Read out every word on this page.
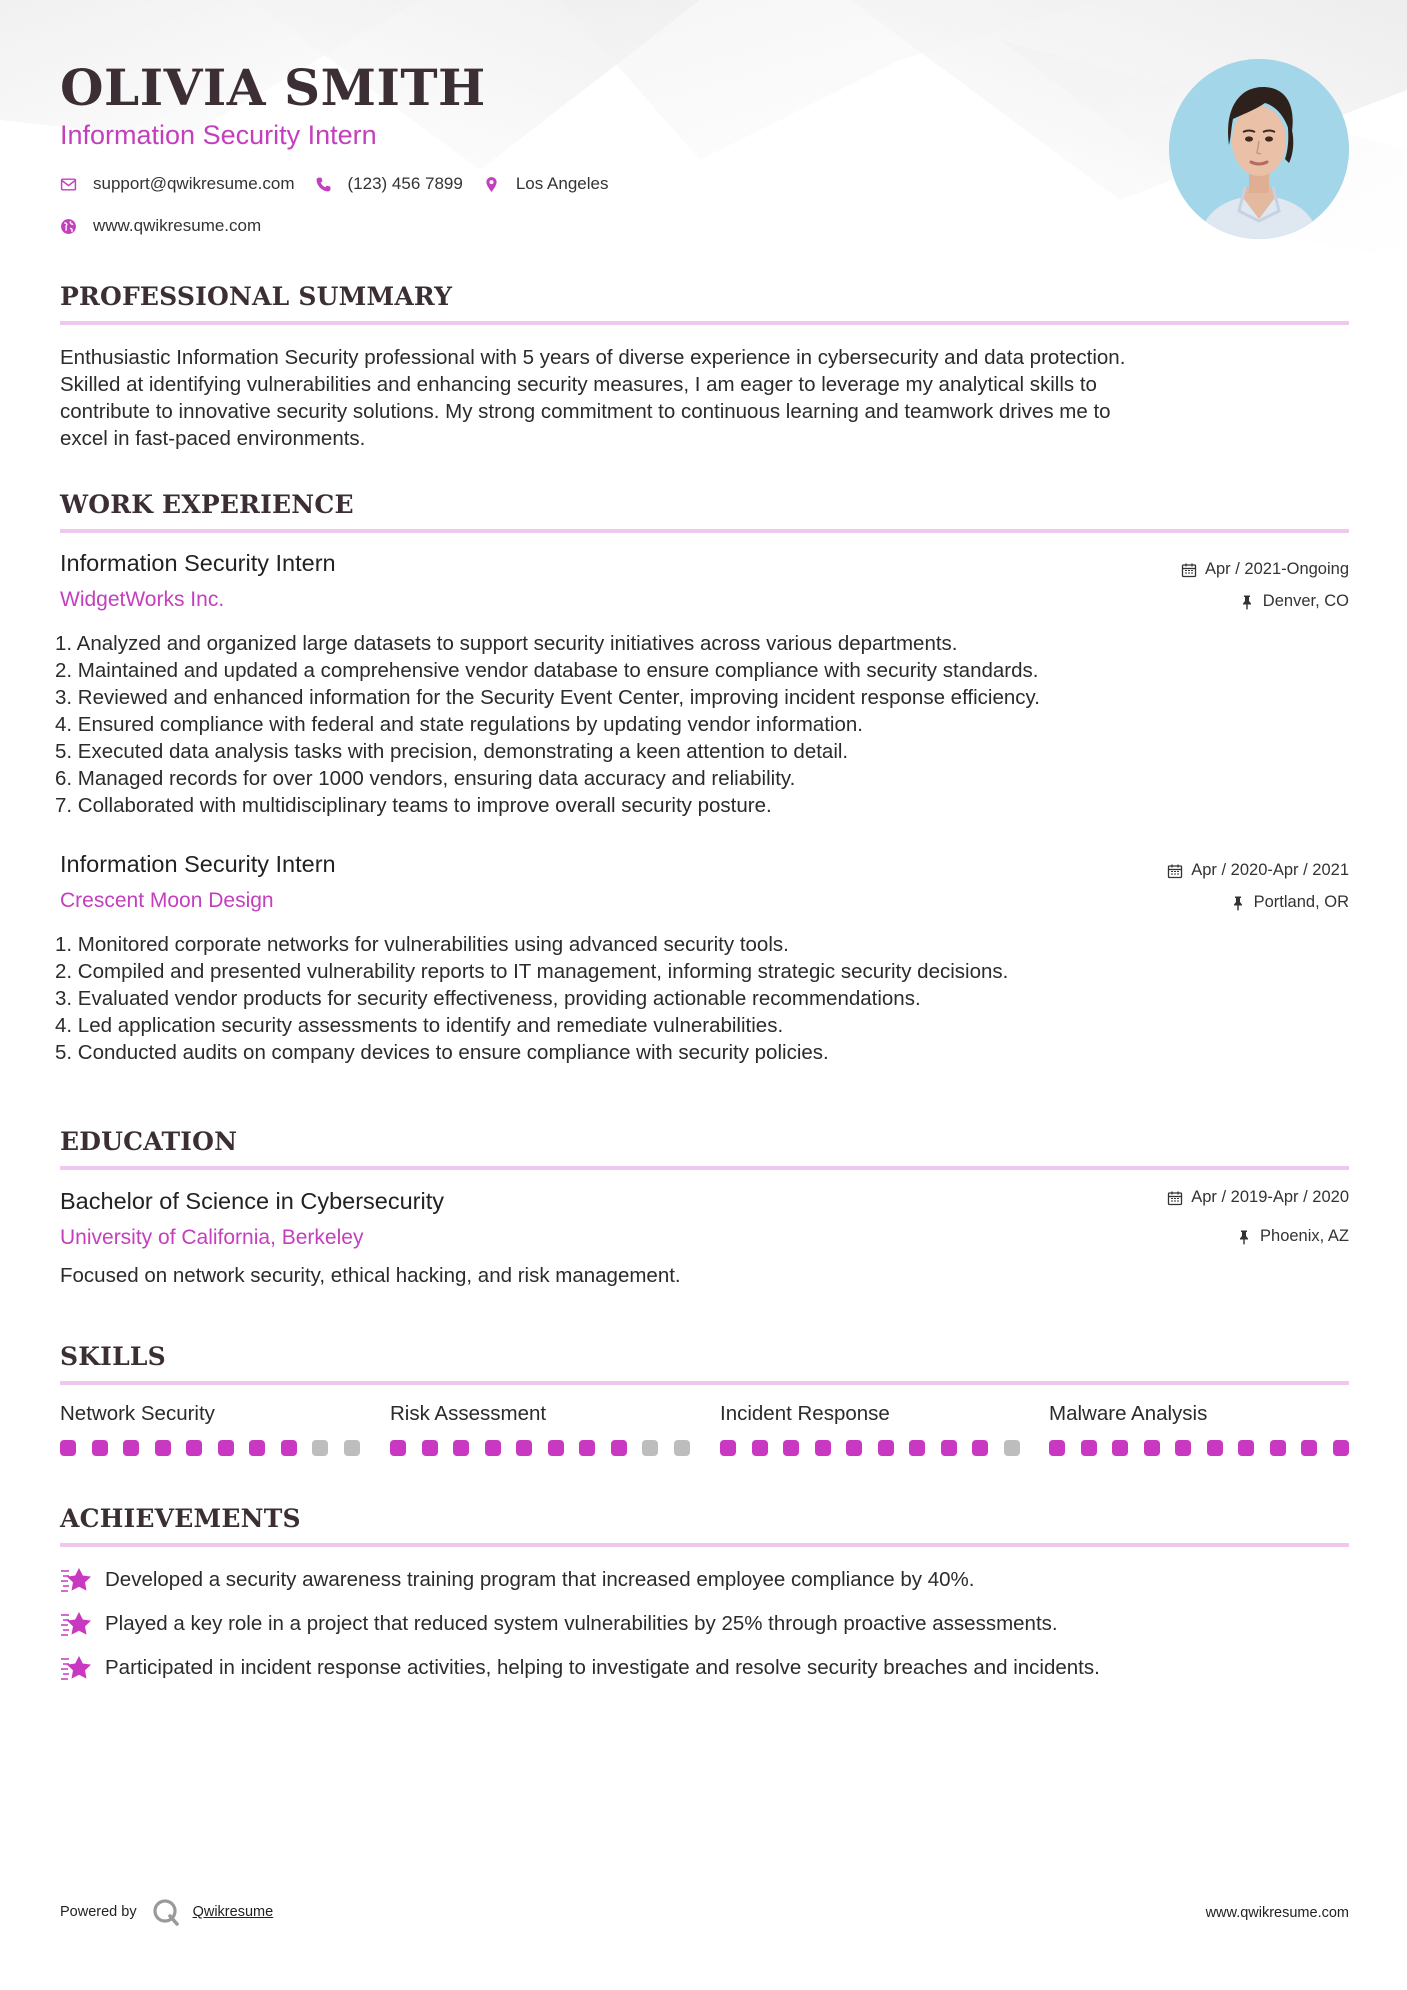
OLIVIA SMITH
Information Security Intern
support@qwikresume.com	(123) 456 7899	Los Angeles
www.qwikresume.com
PROFESSIONAL SUMMARY
Enthusiastic Information Security professional with 5 years of diverse experience in cybersecurity and data protection.
Skilled at identifying vulnerabilities and enhancing security measures, I am eager to leverage my analytical skills to
contribute to innovative security solutions. My strong commitment to continuous learning and teamwork drives me to
excel in fast-paced environments.
WORK EXPERIENCE
Information Security Intern
WidgetWorks Inc.
Apr / 2021-Ongoing
Denver, CO
1. Analyzed and organized large datasets to support security initiatives across various departments.
2. Maintained and updated a comprehensive vendor database to ensure compliance with security standards.
3. Reviewed and enhanced information for the Security Event Center, improving incident response efficiency.
4. Ensured compliance with federal and state regulations by updating vendor information.
5. Executed data analysis tasks with precision, demonstrating a keen attention to detail.
6. Managed records for over 1000 vendors, ensuring data accuracy and reliability.
7. Collaborated with multidisciplinary teams to improve overall security posture.
Information Security Intern
Crescent Moon Design
Apr / 2020-Apr / 2021
Portland, OR
1. Monitored corporate networks for vulnerabilities using advanced security tools.
2. Compiled and presented vulnerability reports to IT management, informing strategic security decisions.
3. Evaluated vendor products for security effectiveness, providing actionable recommendations.
4. Led application security assessments to identify and remediate vulnerabilities.
5. Conducted audits on company devices to ensure compliance with security policies.
EDUCATION
Bachelor of Science in Cybersecurity
University of California, Berkeley
Apr / 2019-Apr / 2020
Phoenix, AZ
Focused on network security, ethical hacking, and risk management.
SKILLS
Network Security	Risk Assessment	Incident Response	Malware Analysis
ACHIEVEMENTS
Developed a security awareness training program that increased employee compliance by 40%.
Played a key role in a project that reduced system vulnerabilities by 25% through proactive assessments.
Participated in incident response activities, helping to investigate and resolve security breaches and incidents.
Powered by	Qwikresume	www.qwikresume.com
